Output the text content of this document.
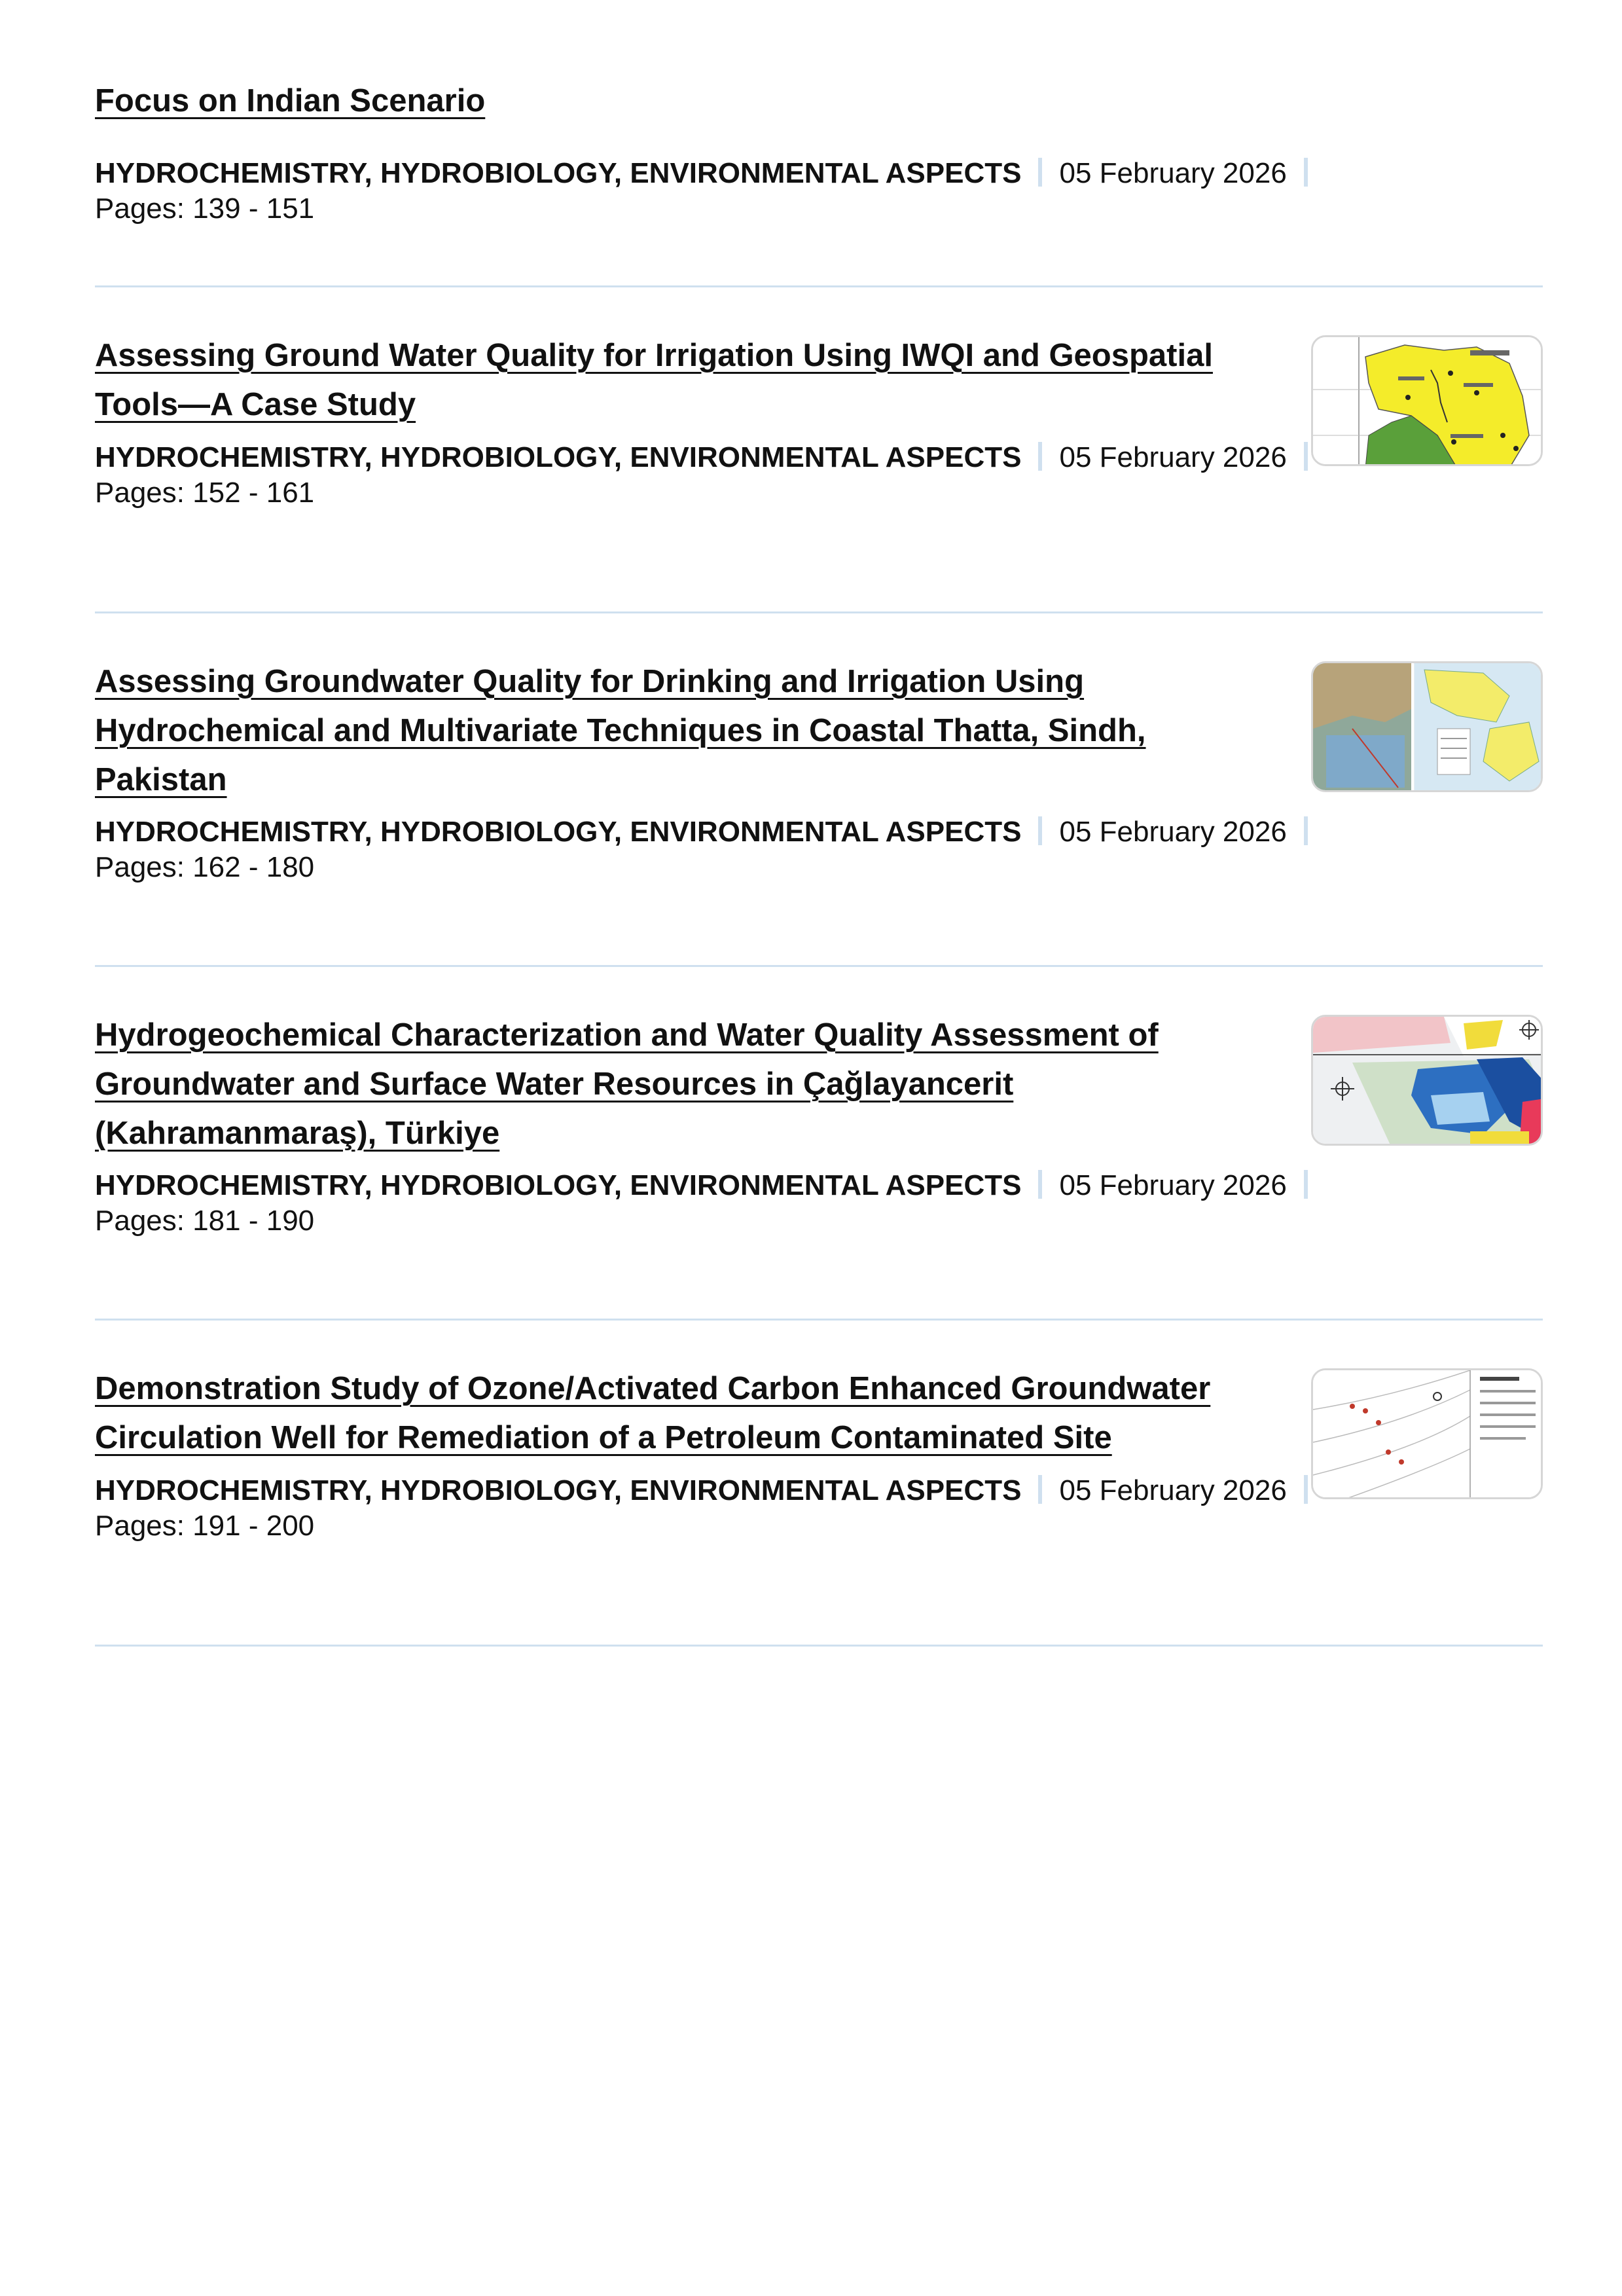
Focus on Indian Scenario
HYDROCHEMISTRY, HYDROBIOLOGY, ENVIRONMENTAL ASPECTS 05 February 2026
Pages: 139 - 151
Assessing Ground Water Quality for Irrigation Using IWQI and Geospatial Tools—A Case Study
HYDROCHEMISTRY, HYDROBIOLOGY, ENVIRONMENTAL ASPECTS 05 February 2026
Pages: 152 - 161
Assessing Groundwater Quality for Drinking and Irrigation Using Hydrochemical and Multivariate Techniques in Coastal Thatta, Sindh, Pakistan
HYDROCHEMISTRY, HYDROBIOLOGY, ENVIRONMENTAL ASPECTS 05 February 2026
Pages: 162 - 180
Hydrogeochemical Characterization and Water Quality Assessment of Groundwater and Surface Water Resources in Çağlayancerit (Kahramanmaraş), Türkiye
HYDROCHEMISTRY, HYDROBIOLOGY, ENVIRONMENTAL ASPECTS 05 February 2026
Pages: 181 - 190
Demonstration Study of Ozone/Activated Carbon Enhanced Groundwater Circulation Well for Remediation of a Petroleum Contaminated Site
HYDROCHEMISTRY, HYDROBIOLOGY, ENVIRONMENTAL ASPECTS 05 February 2026
Pages: 191 - 200
